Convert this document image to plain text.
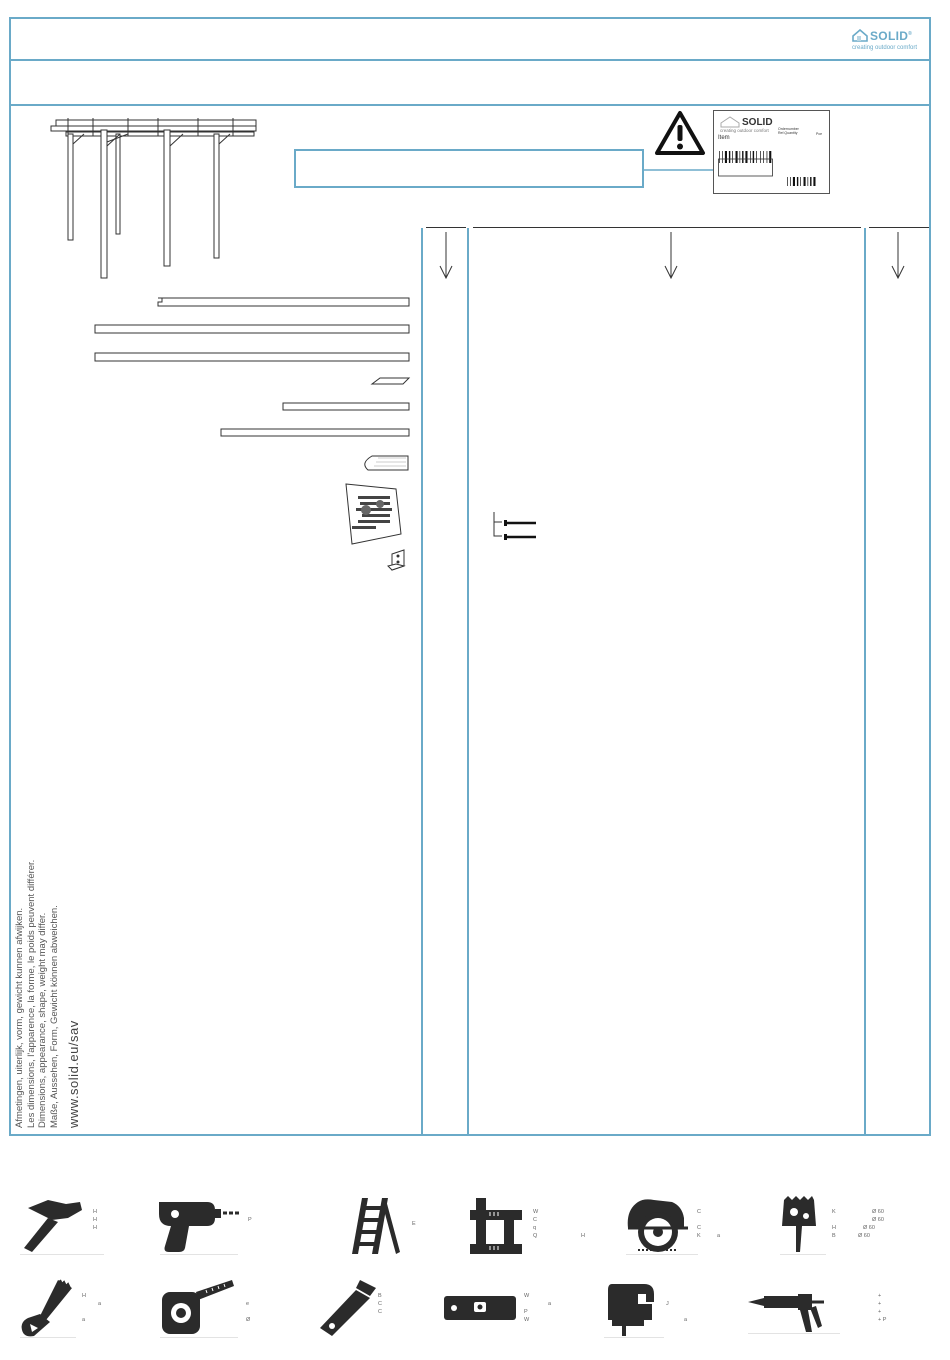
SOLID®
creating outdoor comfort
SOLID
creating outdoor comfort
Item
Ordernumber
Ref.Quantity	Pce
Afmetingen, uiterlijk, vorm, gewicht kunnen afwijken. Les dimensions, l'apparence, la forme, le poids peuvent différer. Dimensions, appearance, shape, weight may differ. Maße, Aussehen, Form, Gewicht können abweichen. www.solid.eu/sav
H
H
H

P
E
W
C
q
Q	H
C

C
K	a
K

H
B
Ø 60
Ø 60
Ø 60
Ø 60
H

a
a	e

Ø
B
C
C
W

P
W
a	J

a
+
+
+
+ P
